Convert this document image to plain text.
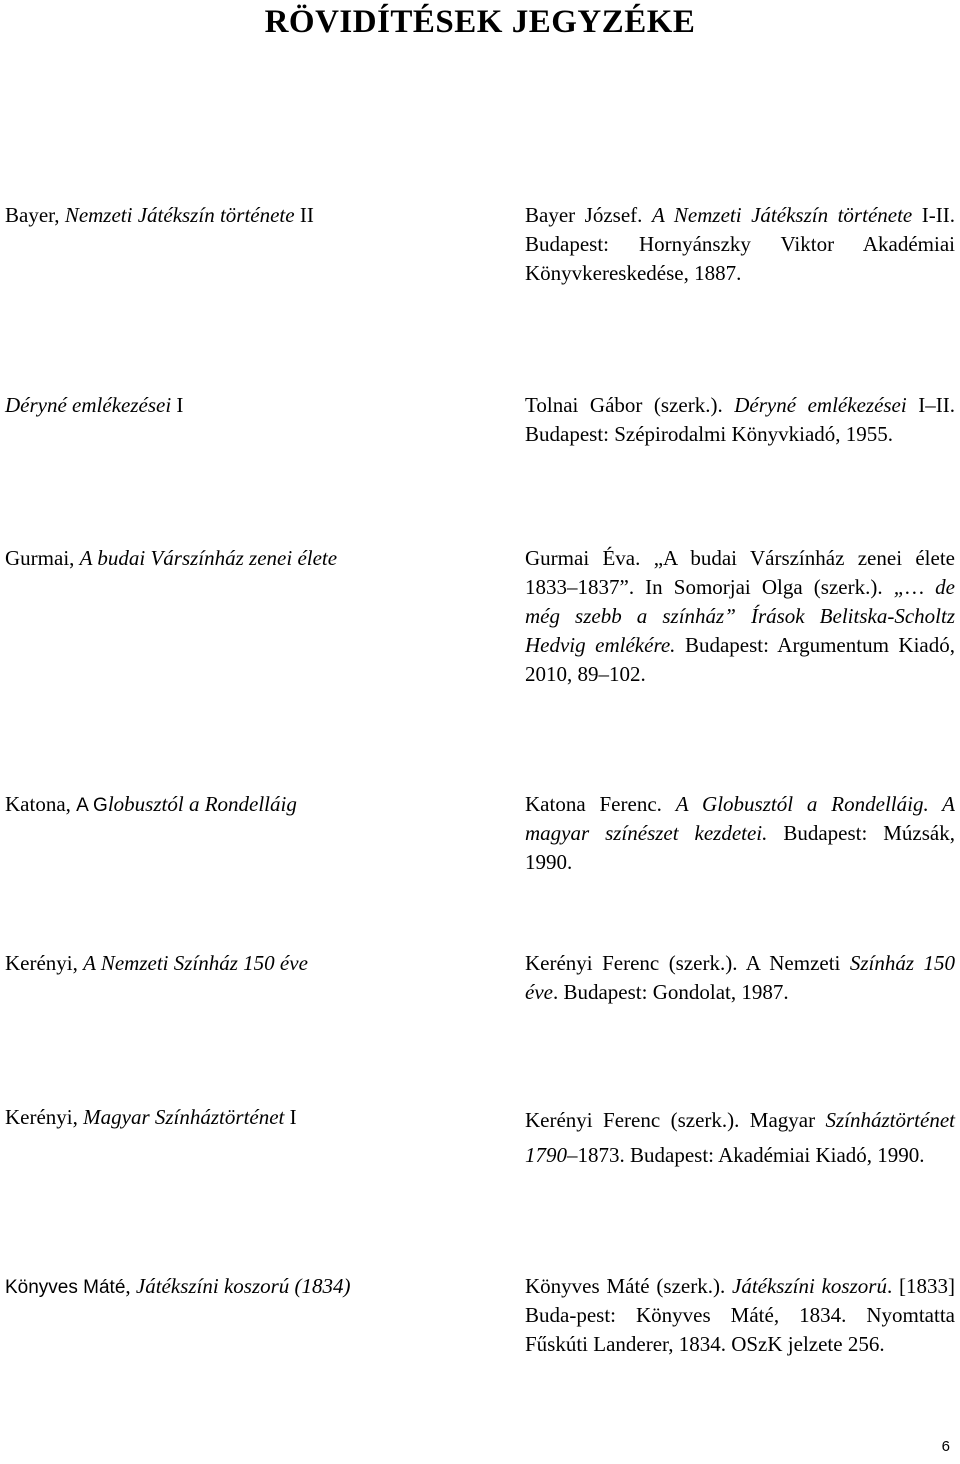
RÖVIDÍTÉSEK JEGYZÉKE
Bayer, Nemzeti Játékszín története II	Bayer József. A Nemzeti Játékszín története I-II. Budapest: Hornyánszky Viktor Akadémiai Könyvkereskedése, 1887.
Déryné emlékezései I	Tolnai Gábor (szerk.). Déryné emlékezései I–II. Budapest: Szépirodalmi Könyvkiadó, 1955.
Gurmai, A budai Várszínház zenei élete	Gurmai Éva. „A budai Várszínház zenei élete 1833–1837”. In Somorjai Olga (szerk.). „… de még szebb a színház” Írások Belitska-Scholtz Hedvig emlékére. Budapest: Argumentum Kiadó, 2010, 89–102.
Katona, A Globusztól a Rondelláig	Katona Ferenc. A Globusztól a Rondelláig. A magyar színészet kezdetei. Budapest: Múzsák, 1990.
Kerényi, A Nemzeti Színház 150 éve	Kerényi Ferenc (szerk.). A Nemzeti Színház 150 éve. Budapest: Gondolat, 1987.
Kerényi, Magyar Színháztörténet I	Kerényi Ferenc (szerk.). Magyar Színháztörténet 1790–1873. Budapest: Akadémiai Kiadó, 1990.
Könyves Máté, Játékszíni koszorú (1834)	Könyves Máté (szerk.). Játékszíni koszorú. [1833] Buda-pest: Könyves Máté, 1834. Nyomtatta Fűskúti Landerer, 1834. OSzK jelzete 256.
6
